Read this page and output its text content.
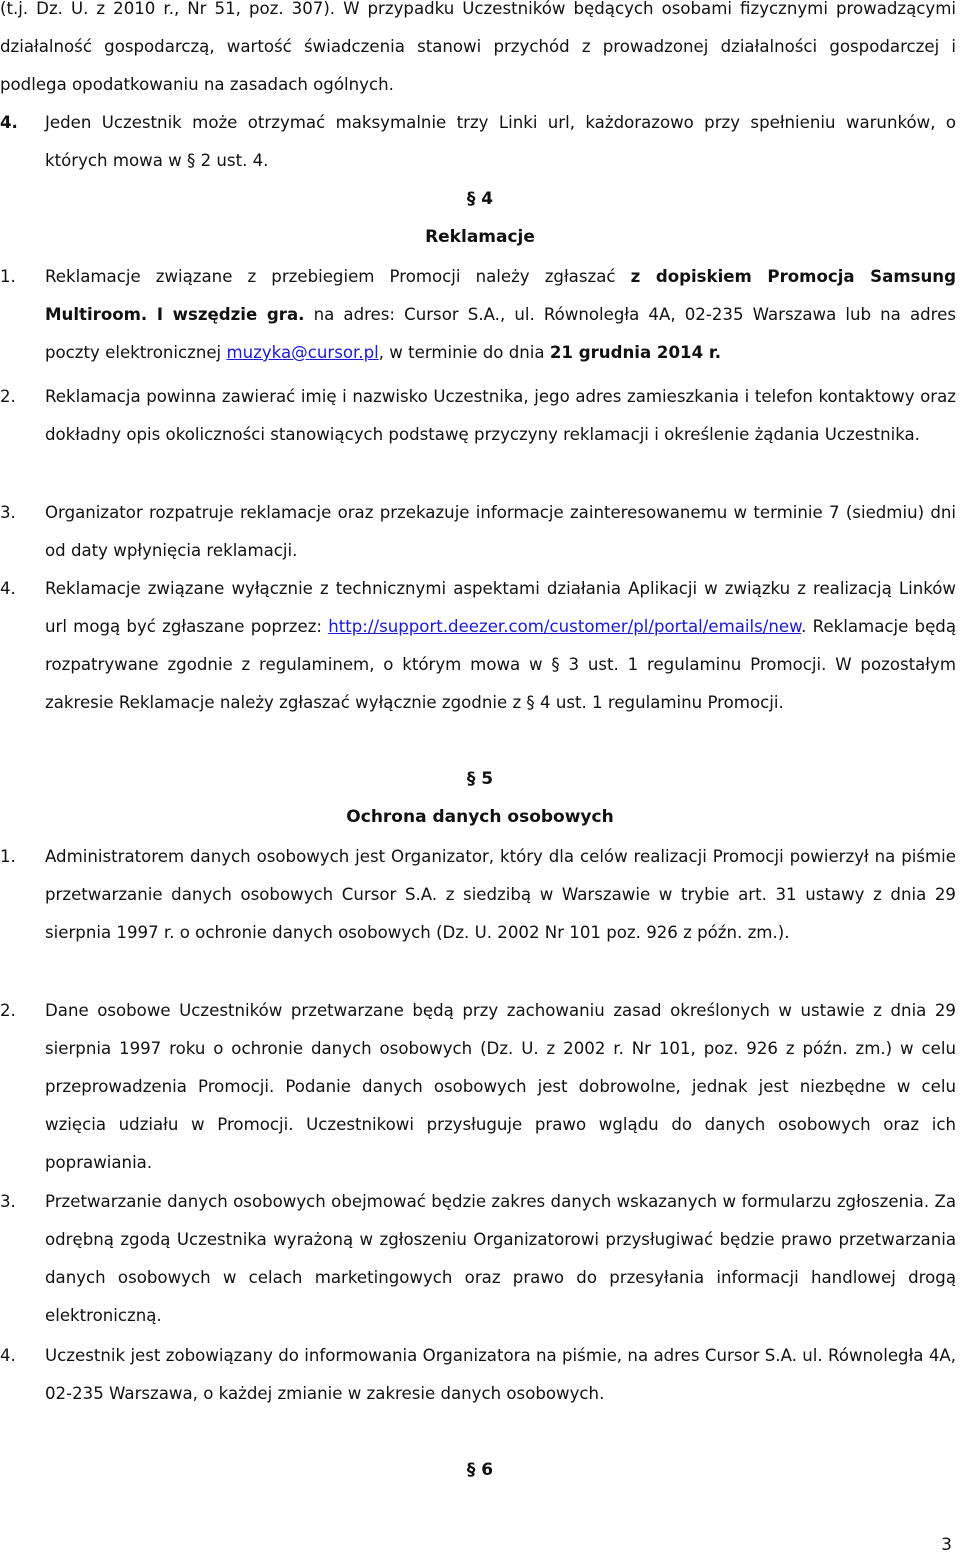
(t.j. Dz. U. z 2010 r., Nr 51, poz. 307). W przypadku Uczestników będących osobami fizycznymi prowadzącymi działalność gospodarczą, wartość świadczenia stanowi przychód z prowadzonej działalności gospodarczej i podlega opodatkowaniu na zasadach ogólnych.
4. Jeden Uczestnik może otrzymać maksymalnie trzy Linki url, każdorazowo przy spełnieniu warunków, o których mowa w § 2 ust. 4.
§ 4
Reklamacje
1. Reklamacje związane z przebiegiem Promocji należy zgłaszać z dopiskiem Promocja Samsung Multiroom. I wszędzie gra. na adres: Cursor S.A., ul. Równoległa 4A, 02-235 Warszawa lub na adres poczty elektronicznej muzyka@cursor.pl, w terminie do dnia 21 grudnia 2014 r.
2. Reklamacja powinna zawierać imię i nazwisko Uczestnika, jego adres zamieszkania i telefon kontaktowy oraz dokładny opis okoliczności stanowiących podstawę przyczyny reklamacji i określenie żądania Uczestnika.
3. Organizator rozpatruje reklamacje oraz przekazuje informacje zainteresowanemu w terminie 7 (siedmiu) dni od daty wpłynięcia reklamacji.
4. Reklamacje związane wyłącznie z technicznymi aspektami działania Aplikacji w związku z realizacją Linków url mogą być zgłaszane poprzez: http://support.deezer.com/customer/pl/portal/emails/new. Reklamacje będą rozpatrywane zgodnie z regulaminem, o którym mowa w § 3 ust. 1 regulaminu Promocji. W pozostałym zakresie Reklamacje należy zgłaszać wyłącznie zgodnie z § 4 ust. 1 regulaminu Promocji.
§ 5
Ochrona danych osobowych
1. Administratorem danych osobowych jest Organizator, który dla celów realizacji Promocji powierzył na piśmie przetwarzanie danych osobowych Cursor S.A. z siedzibą w Warszawie w trybie art. 31 ustawy z dnia 29 sierpnia 1997 r. o ochronie danych osobowych (Dz. U. 2002 Nr 101 poz. 926 z późn. zm.).
2. Dane osobowe Uczestników przetwarzane będą przy zachowaniu zasad określonych w ustawie z dnia 29 sierpnia 1997 roku o ochronie danych osobowych (Dz. U. z 2002 r. Nr 101, poz. 926 z późn. zm.) w celu przeprowadzenia Promocji. Podanie danych osobowych jest dobrowolne, jednak jest niezbędne w celu wzięcia udziału w Promocji. Uczestnikowi przysługuje prawo wglądu do danych osobowych oraz ich poprawiania.
3. Przetwarzanie danych osobowych obejmować będzie zakres danych wskazanych w formularzu zgłoszenia. Za odrębną zgodą Uczestnika wyrażoną w zgłoszeniu Organizatorowi przysługiwać będzie prawo przetwarzania danych osobowych w celach marketingowych oraz prawo do przesyłania informacji handlowej drogą elektroniczną.
4. Uczestnik jest zobowiązany do informowania Organizatora na piśmie, na adres Cursor S.A. ul. Równoległa 4A, 02-235 Warszawa, o każdej zmianie w zakresie danych osobowych.
§ 6
3
